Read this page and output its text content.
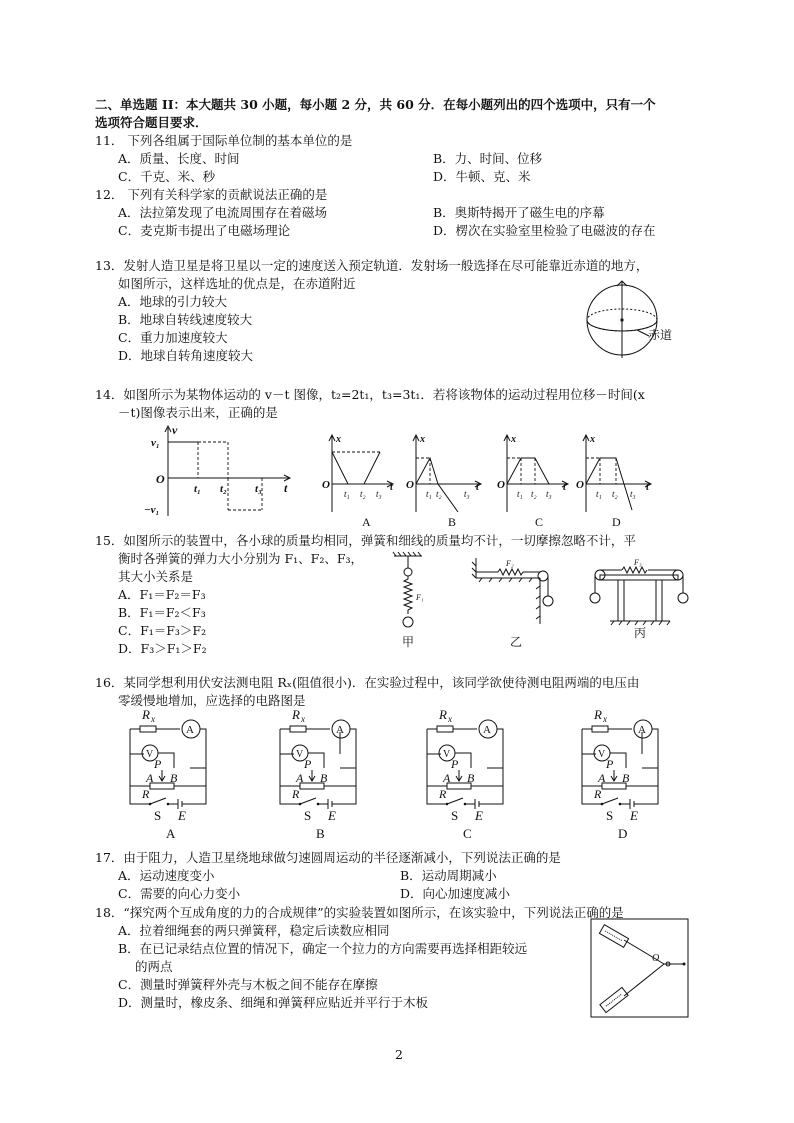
二、单选题 II：本大题共 30 小题，每小题 2 分，共 60 分．在每小题列出的四个选项中，只有一个
选项符合题目要求．
11． 下列各组属于国际单位制的基本单位的是
A．质量、长度、时间	B．力、时间、位移
C．千克、米、秒	D．牛顿、克、米
12． 下列有关科学家的贡献说法正确的是
A．法拉第发现了电流周围存在着磁场	B．奥斯特揭开了磁生电的序幕
C．麦克斯韦提出了电磁场理论	D．楞次在实验室里检验了电磁波的存在
13．发射人造卫星是将卫星以一定的速度送入预定轨道．发射场一般选择在尽可能靠近赤道的地方，
如图所示，这样选址的优点是，在赤道附近
A．地球的引力较大
B．地球自转线速度较大
C．重力加速度较大
D．地球自转角速度较大
赤道
14．如图所示为某物体运动的 v－t 图像，t₂=2t₁，t₃=3t₁．若将该物体的运动过程用位移－时间(x
－t)图像表示出来，正确的是
v
v₁
O
t₁ t₂	t₃ t
−v₁
x
O
t₁ t₂ t₃
t
A
x
O
t₁ t₂ t₃
t
B
x
O
t₁ t₂ t₃
t
C
x
O
t₁ t₂ t₃
t
D
15．如图所示的装置中，各小球的质量均相同，弹簧和细线的质量均不计，一切摩擦忽略不计，平
衡时各弹簧的弹力大小分别为 F₁、F₂、F₃，
其大小关系是
A．F₁＝F₂＝F₃
B．F₁＝F₂＜F₃
C．F₁＝F₃＞F₂
D．F₃＞F₁＞F₂
F₁
甲
F₂
乙
F₃
丙
16．某同学想利用伏安法测电阻 Rₓ(阻值很小)．在实验过程中，该同学欲使待测电阻两端的电压由
零缓慢地增加，应选择的电路图是
R x
A
V
P
A B
R
S E
A
R x
A
V
P
A B
R
S E
B
R x
A
V
P
A B
R
S E
C
R x
A
V
P
A B
R
S E
D
17．由于阻力，人造卫星绕地球做匀速圆周运动的半径逐渐减小，下列说法正确的是
A．运动速度变小	B．运动周期减小
C．需要的向心力变小	D．向心加速度减小
18．“探究两个互成角度的力的合成规律”的实验装置如图所示，在该实验中，下列说法正确的是
A．拉着细绳套的两只弹簧秤，稳定后读数应相同
B．在已记录结点位置的情况下，确定一个拉力的方向需要再选择相距较远
的两点
C．测量时弹簧秤外壳与木板之间不能存在摩擦
D．测量时，橡皮条、细绳和弹簧秤应贴近并平行于木板
O
2
